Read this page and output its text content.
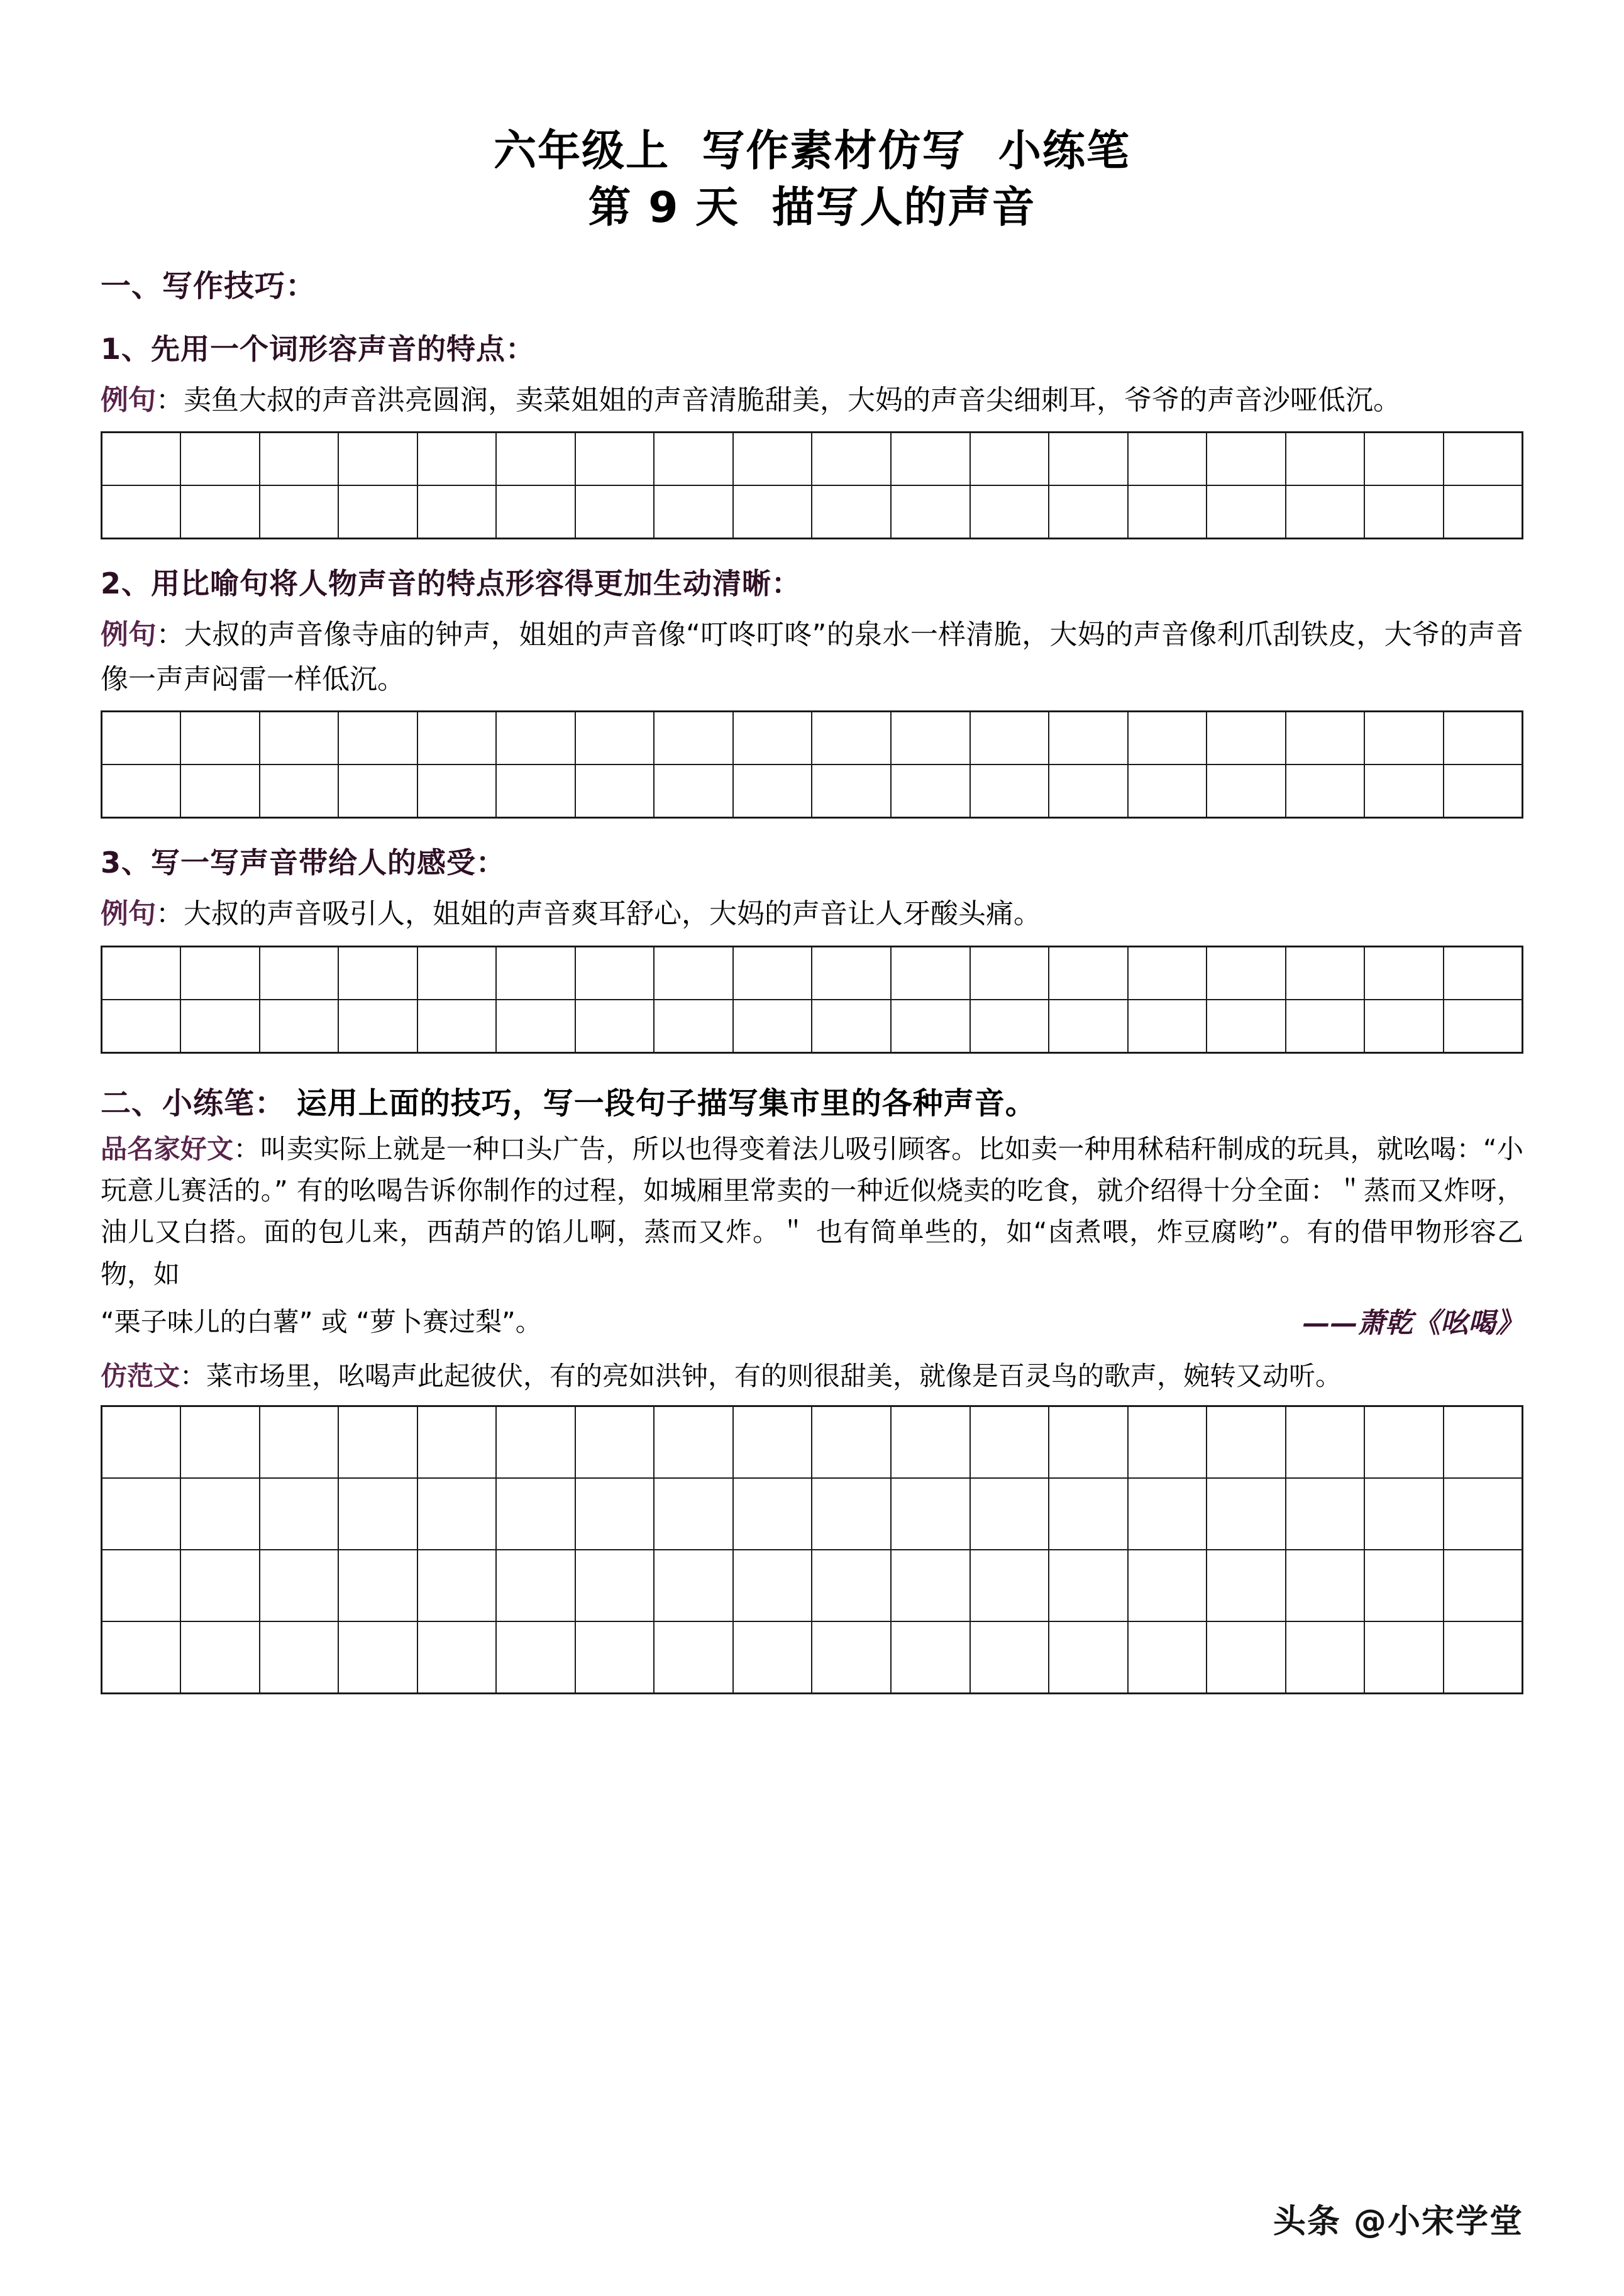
六年级上  写作素材仿写  小练笔
第 9 天  描写人的声音
一、写作技巧：
1、先用一个词形容声音的特点：
例句：卖鱼大叔的声音洪亮圆润，卖菜姐姐的声音清脆甜美，大妈的声音尖细刺耳，爷爷的声音沙哑低沉。

2、用比喻句将人物声音的特点形容得更加生动清晰：
例句：大叔的声音像寺庙的钟声，姐姐的声音像“叮咚叮咚”的泉水一样清脆，大妈的声音像利爪刮铁皮，大爷的声音像一声声闷雷一样低沉。

3、写一写声音带给人的感受：
例句：大叔的声音吸引人，姐姐的声音爽耳舒心，大妈的声音让人牙酸头痛。

二、小练笔： 运用上面的技巧，写一段句子描写集市里的各种声音。
品名家好文：叫卖实际上就是一种口头广告，所以也得变着法儿吸引顾客。比如卖一种用秫秸秆制成的玩具，就吆喝：“小玩意儿赛活的。” 有的吆喝告诉你制作的过程，如城厢里常卖的一种近似烧卖的吃食，就介绍得十分全面：＂蒸而又炸呀，油儿又白搭。面的包儿来，西葫芦的馅儿啊，蒸而又炸。＂ 也有简单些的，如“卤煮喂，炸豆腐哟”。有的借甲物形容乙物，如
——萧乾《吆喝》
“栗子味儿的白薯” 或 “萝卜赛过梨”。
仿范文：菜市场里，吆喝声此起彼伏，有的亮如洪钟，有的则很甜美，就像是百灵鸟的歌声，婉转又动听。

头条 @小宋学堂
